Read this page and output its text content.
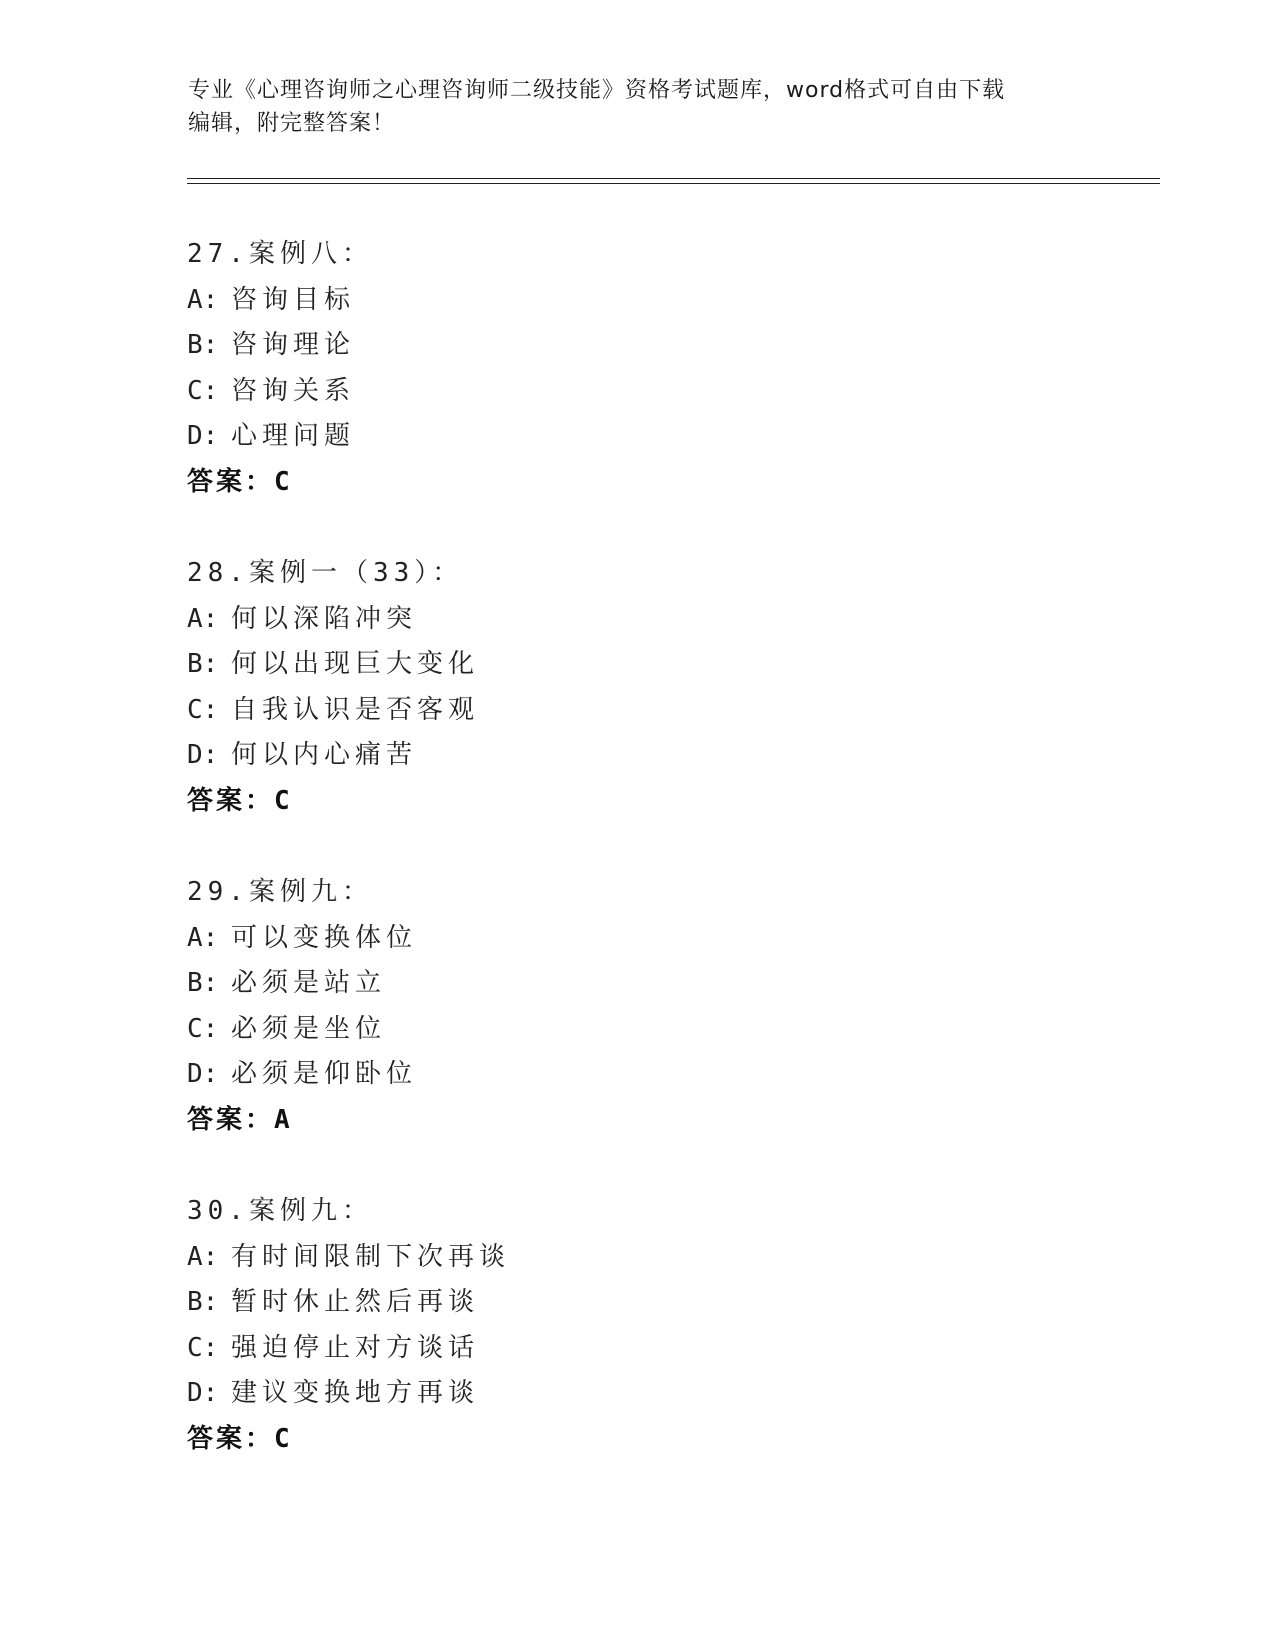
专业《心理咨询师之心理咨询师二级技能》资格考试题库，word格式可自由下载
编辑，附完整答案！
27.案例八：
A: 咨询目标
B: 咨询理论
C: 咨询关系
D: 心理问题
答案：C
28.案例一（33）：
A: 何以深陷冲突
B: 何以出现巨大变化
C: 自我认识是否客观
D: 何以内心痛苦
答案：C
29.案例九：
A: 可以变换体位
B: 必须是站立
C: 必须是坐位
D: 必须是仰卧位
答案：A
30.案例九：
A: 有时间限制下次再谈
B: 暂时休止然后再谈
C: 强迫停止对方谈话
D: 建议变换地方再谈
答案：C
